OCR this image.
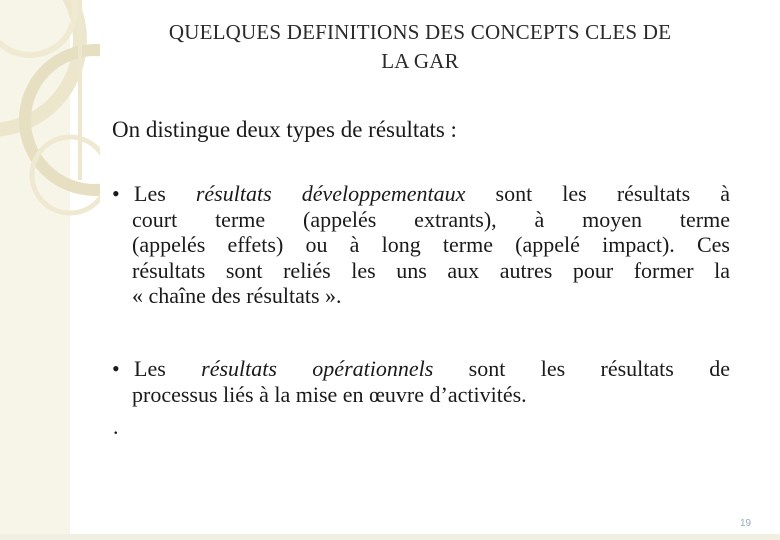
QUELQUES DEFINITIONS DES CONCEPTS CLES DE
LA GAR

On distingue deux types de résultats :

• Les résultats développementaux sont les résultats à
court terme (appelés extrants), à moyen terme
(appelés effets) ou à long terme (appelé impact). Ces
résultats sont reliés les uns aux autres pour former la
« chaîne des résultats ».
• Les résultats opérationnels sont les résultats de
processus liés à la mise en œuvre d’activités.

.

19
